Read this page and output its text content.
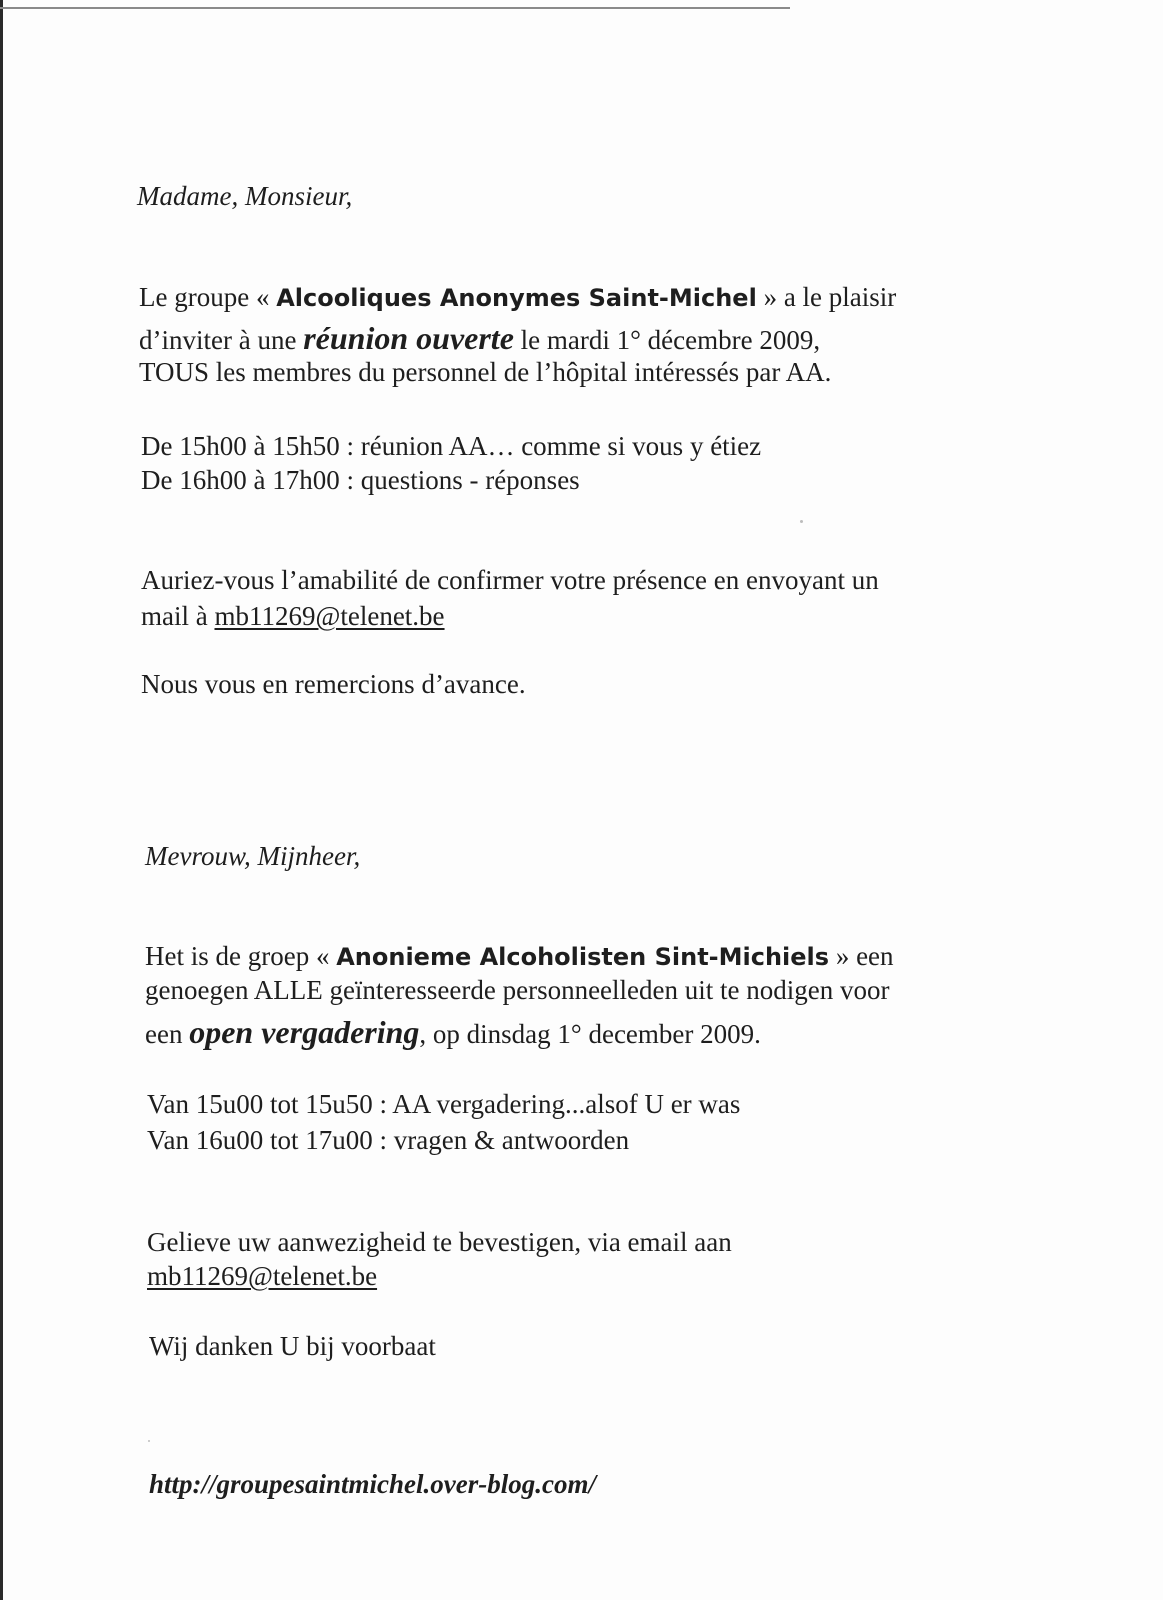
Madame, Monsieur,
Le groupe « Alcooliques Anonymes Saint-Michel » a le plaisir
d’inviter à une réunion ouverte le mardi 1° décembre 2009,
TOUS les membres du personnel de l’hôpital intéressés par AA.
De 15h00 à 15h50 : réunion AA… comme si vous y étiez
De 16h00 à 17h00 : questions - réponses
Auriez-vous l’amabilité de confirmer votre présence en envoyant un
mail à mb11269@telenet.be
Nous vous en remercions d’avance.
Mevrouw, Mijnheer,
Het is de groep « Anonieme Alcoholisten Sint-Michiels » een
genoegen ALLE geïnteresseerde personneelleden uit te nodigen voor
een open vergadering, op dinsdag 1° december 2009.
Van 15u00 tot 15u50 : AA vergadering...alsof U er was
Van 16u00 tot 17u00 : vragen & antwoorden
Gelieve uw aanwezigheid te bevestigen, via email aan
mb11269@telenet.be
Wij danken U bij voorbaat
http://groupesaintmichel.over-blog.com/
